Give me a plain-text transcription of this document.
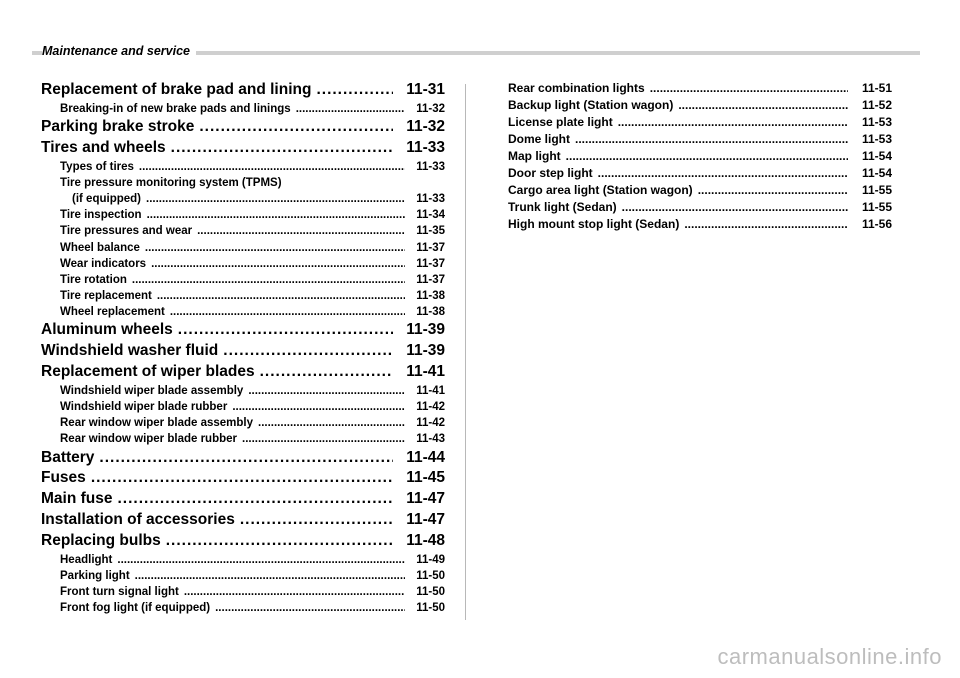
Maintenance and service
Replacement of brake pad and lining .....	11-31
Breaking-in of new brake pads and linings .....	11-32
Parking brake stroke .....	11-32
Tires and wheels .....	11-33
Types of tires .....	11-33
Tire pressure monitoring system (TPMS)
(if equipped) .....	11-33
Tire inspection .....	11-34
Tire pressures and wear .....	11-35
Wheel balance .....	11-37
Wear indicators .....	11-37
Tire rotation .....	11-37
Tire replacement .....	11-38
Wheel replacement .....	11-38
Aluminum wheels .....	11-39
Windshield washer fluid .....	11-39
Replacement of wiper blades .....	11-41
Windshield wiper blade assembly .....	11-41
Windshield wiper blade rubber .....	11-42
Rear window wiper blade assembly .....	11-42
Rear window wiper blade rubber .....	11-43
Battery .....	11-44
Fuses .....	11-45
Main fuse .....	11-47
Installation of accessories .....	11-47
Replacing bulbs .....	11-48
Headlight .....	11-49
Parking light .....	11-50
Front turn signal light .....	11-50
Front fog light (if equipped) .....	11-50
Rear combination lights .....	11-51
Backup light (Station wagon) .....	11-52
License plate light .....	11-53
Dome light .....	11-53
Map light .....	11-54
Door step light .....	11-54
Cargo area light (Station wagon) .....	11-55
Trunk light (Sedan) .....	11-55
High mount stop light (Sedan) .....	11-56
carmanualsonline.info
